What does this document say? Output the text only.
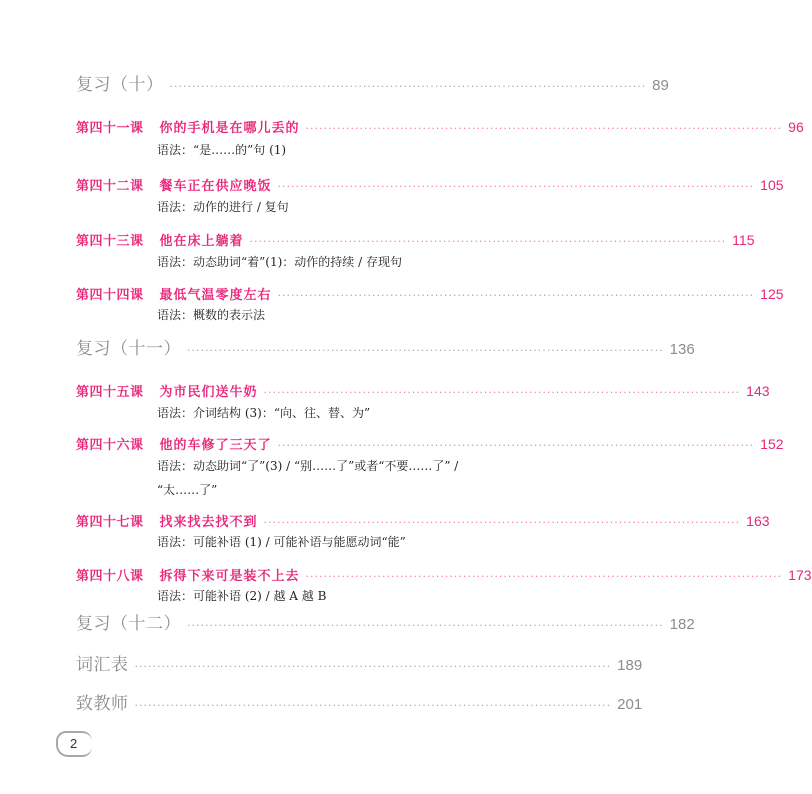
复习（十） ·········································································································· 89
第四十一课 你的手机是在哪儿丢的 ·········································································································· 96
语法：“是……的”句 (1)
第四十二课 餐车正在供应晚饭 ·········································································································· 105
语法：动作的进行 / 复句
第四十三课 他在床上躺着 ·········································································································· 115
语法：动态助词“着”(1)：动作的持续 / 存现句
第四十四课 最低气温零度左右 ·········································································································· 125
语法：概数的表示法
复习（十一） ·········································································································· 136
第四十五课 为市民们送牛奶 ·········································································································· 143
语法：介词结构 (3)：“向、往、替、为”
第四十六课 他的车修了三天了 ·········································································································· 152
语法：动态助词“了”(3) / “别……了”或者“不要……了” /
“太……了”
第四十七课 找来找去找不到 ·········································································································· 163
语法：可能补语 (1) / 可能补语与能愿动词“能”
第四十八课 拆得下来可是装不上去 ·········································································································· 173
语法：可能补语 (2) / 越 A 越 B
复习（十二） ·········································································································· 182
词汇表 ·········································································································· 189
致教师 ·········································································································· 201
2
